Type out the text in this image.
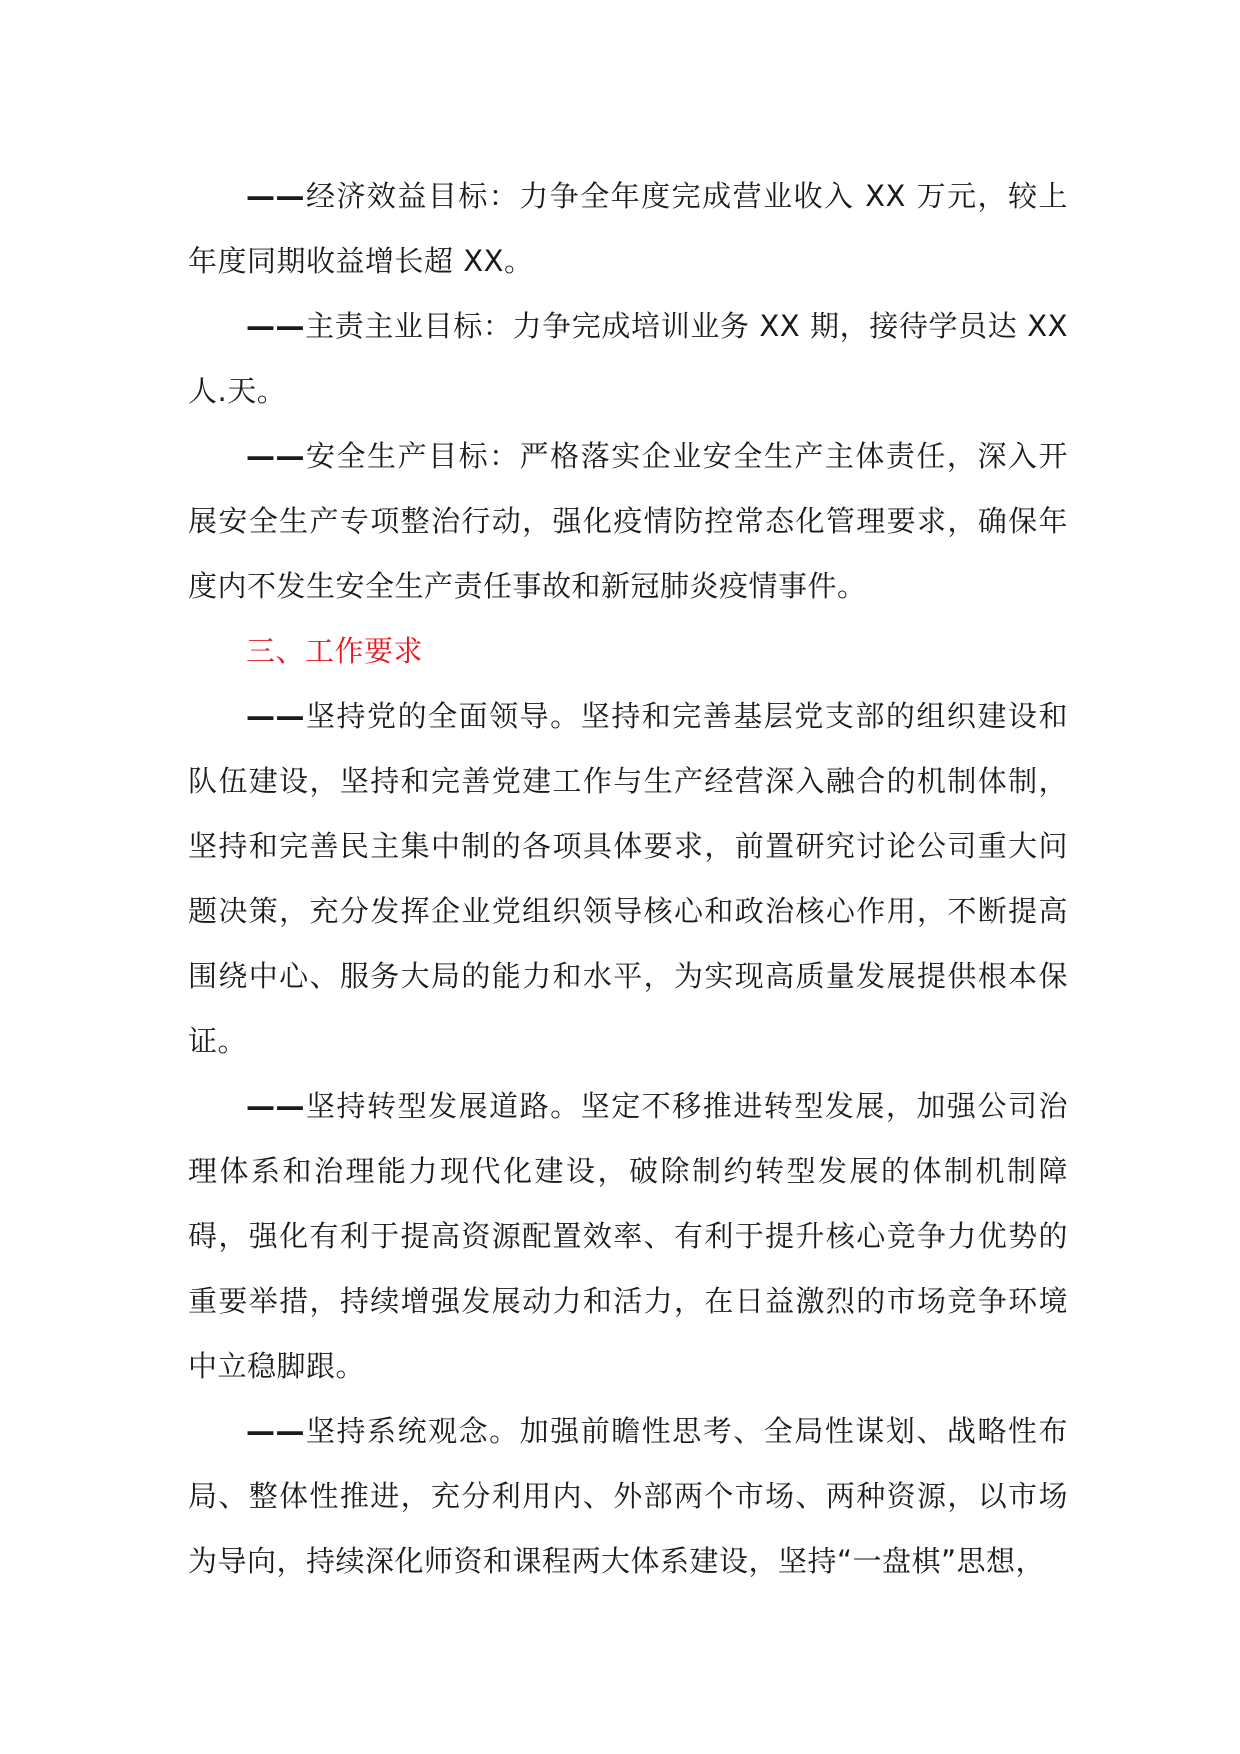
——经济效益目标：力争全年度完成营业收入 XX 万元，较上年度同期收益增长超 XX。

——主责主业目标：力争完成培训业务 XX 期，接待学员达 XX 人.天。

——安全生产目标：严格落实企业安全生产主体责任，深入开展安全生产专项整治行动，强化疫情防控常态化管理要求，确保年度内不发生安全生产责任事故和新冠肺炎疫情事件。

三、工作要求

——坚持党的全面领导。坚持和完善基层党支部的组织建设和队伍建设，坚持和完善党建工作与生产经营深入融合的机制体制，坚持和完善民主集中制的各项具体要求，前置研究讨论公司重大问题决策，充分发挥企业党组织领导核心和政治核心作用，不断提高围绕中心、服务大局的能力和水平，为实现高质量发展提供根本保证。

——坚持转型发展道路。坚定不移推进转型发展，加强公司治理体系和治理能力现代化建设，破除制约转型发展的体制机制障碍，强化有利于提高资源配置效率、有利于提升核心竞争力优势的重要举措，持续增强发展动力和活力，在日益激烈的市场竞争环境中立稳脚跟。

——坚持系统观念。加强前瞻性思考、全局性谋划、战略性布局、整体性推进，充分利用内、外部两个市场、两种资源，以市场为导向，持续深化师资和课程两大体系建设，坚持“一盘棋”思想，
